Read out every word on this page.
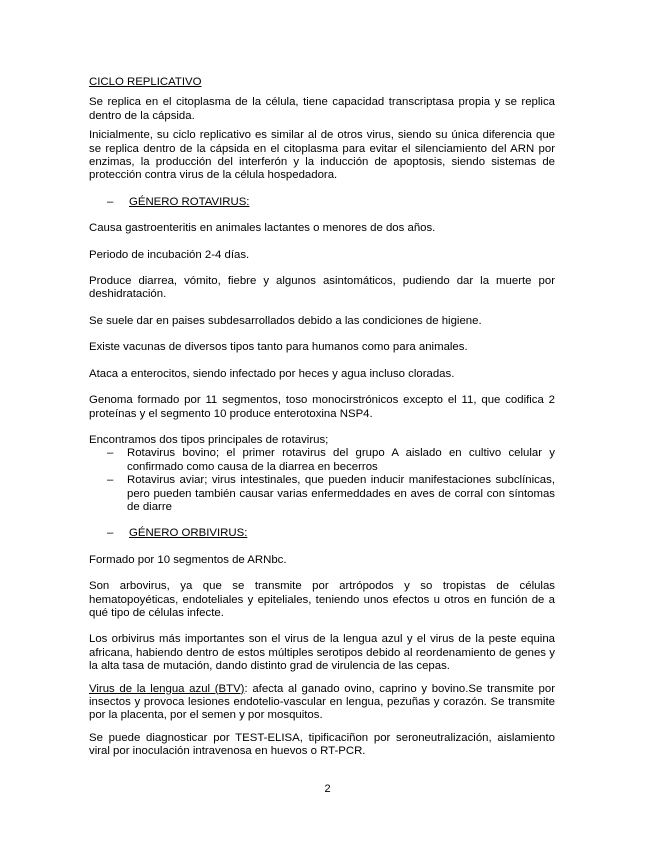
CICLO REPLICATIVO

Se replica en el citoplasma de la célula, tiene capacidad transcriptasa propia y se replica dentro de la cápsida.

Inicialmente, su ciclo replicativo es similar al de otros virus, siendo su única diferencia que se replica dentro de la cápsida en el citoplasma para evitar el silenciamiento del ARN por enzimas, la producción del interferón y la inducción de apoptosis, siendo sistemas de protección contra virus de la célula hospedadora.

–	GÉNERO ROTAVIRUS:

Causa gastroenteritis en animales lactantes o menores de dos años.

Periodo de incubación 2-4 días.

Produce diarrea, vómito, fiebre y algunos asintomáticos, pudiendo dar la muerte por deshidratación.

Se suele dar en paises subdesarrollados debido a las condiciones de higiene.

Existe vacunas de diversos tipos tanto para humanos como para animales.

Ataca a enterocitos, siendo infectado por heces y agua incluso cloradas.

Genoma formado por 11 segmentos, toso monocirstrónicos excepto el 11, que codifica 2 proteínas y el segmento 10 produce enterotoxina NSP4.

Encontramos dos tipos principales de rotavirus;

–	Rotavirus bovino; el primer rotavirus del grupo A aislado en cultivo celular y confirmado como causa de la diarrea en becerros

–	Rotavirus aviar; virus intestinales, que pueden inducir manifestaciones subclínicas, pero pueden también causar varias enfermeddades en aves de corral con síntomas de diarre

–	GÉNERO ORBIVIRUS:

Formado por 10 segmentos de ARNbc.

Son arbovirus, ya que se transmite por artrópodos y so tropistas de células hematopoyéticas, endoteliales y epiteliales, teniendo unos efectos u otros en función de a qué tipo de células infecte.

Los orbivirus más importantes son el virus de la lengua azul y el virus de la peste equina africana, habiendo dentro de estos múltiples serotipos debido al reordenamiento de genes y la alta tasa de mutación, dando distinto grad de virulencia de las cepas.

Virus de la lengua azul (BTV): afecta al ganado ovino, caprino y bovino.Se transmite por insectos y provoca lesiones endotelio-vascular en lengua, pezuñas y corazón. Se transmite por la placenta, por el semen y por mosquitos.

Se puede diagnosticar por TEST-ELISA, tipificaciñon por seroneutralización, aislamiento viral por inoculación intravenosa en huevos o RT-PCR.

2
